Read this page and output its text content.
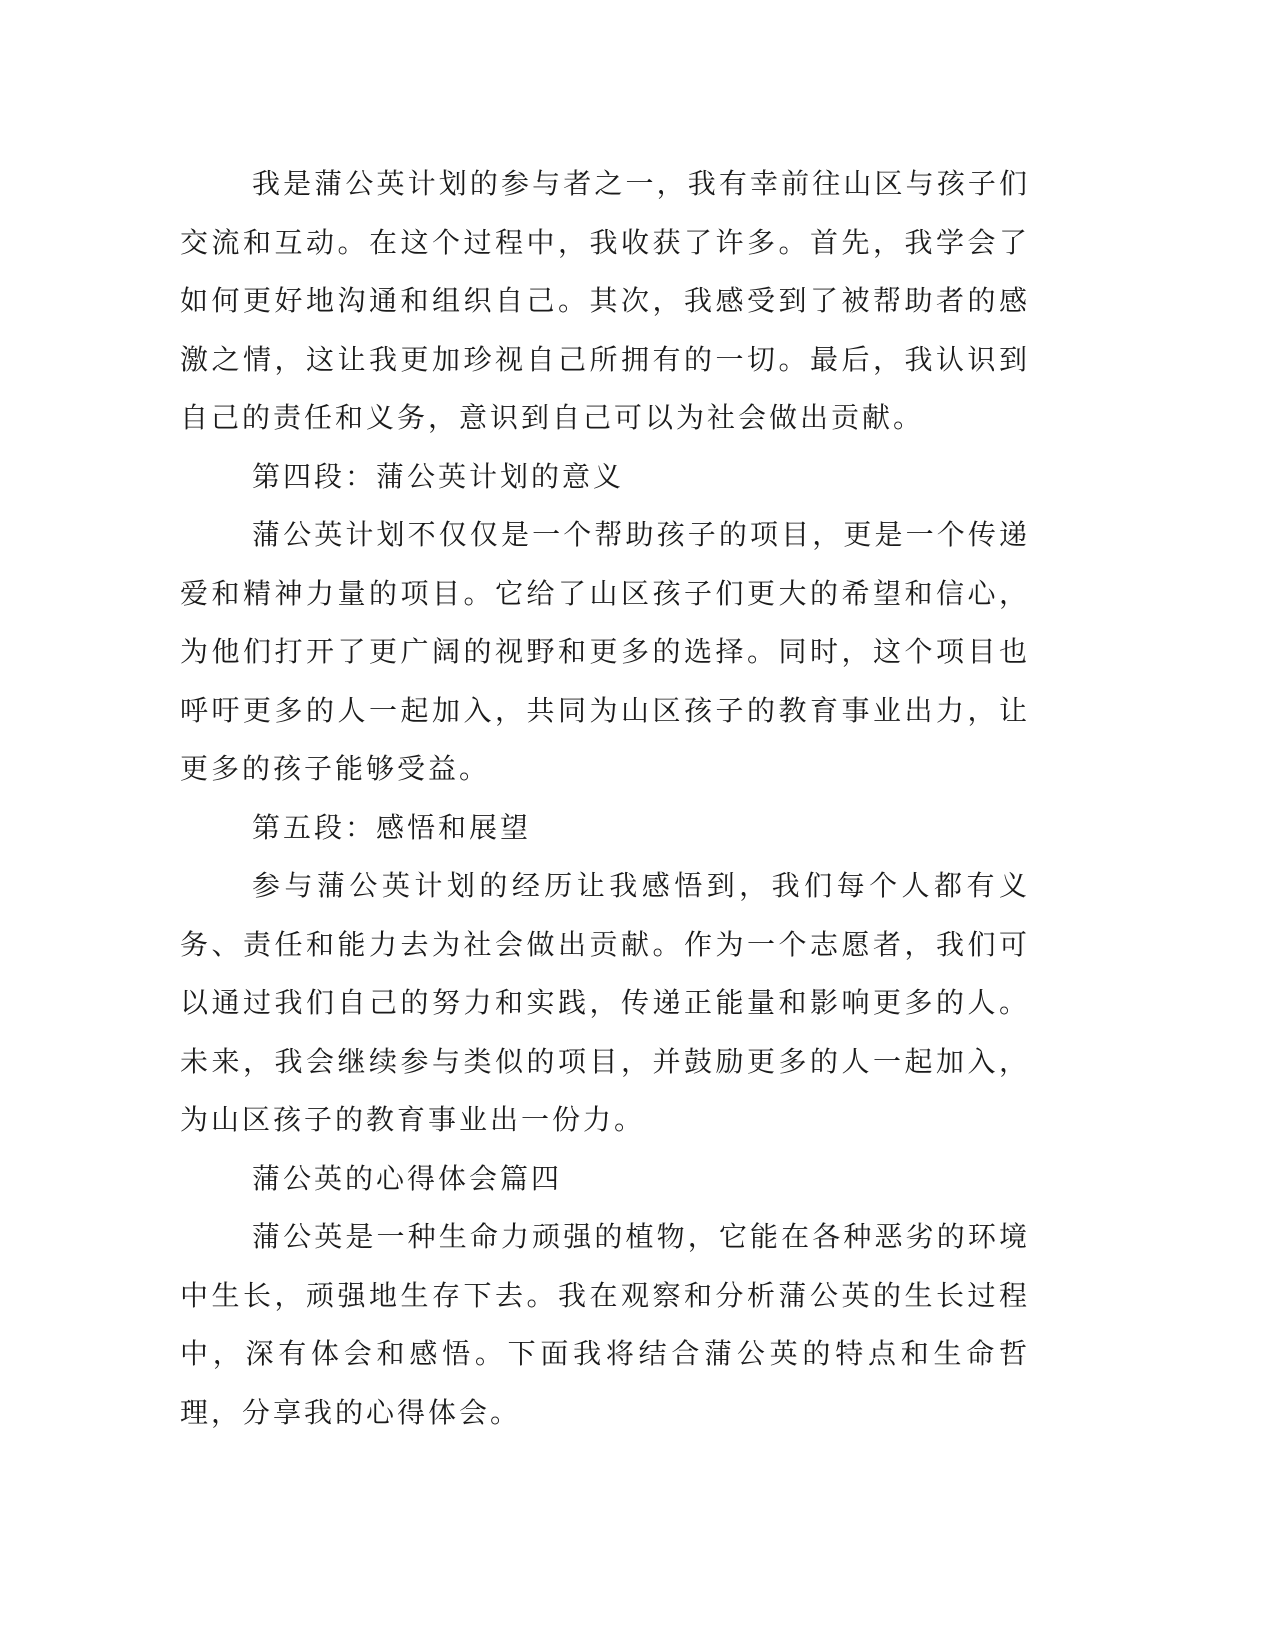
我是蒲公英计划的参与者之一，我有幸前往山区与孩子们交流和互动。在这个过程中，我收获了许多。首先，我学会了如何更好地沟通和组织自己。其次，我感受到了被帮助者的感激之情，这让我更加珍视自己所拥有的一切。最后，我认识到自己的责任和义务，意识到自己可以为社会做出贡献。

第四段：蒲公英计划的意义

蒲公英计划不仅仅是一个帮助孩子的项目，更是一个传递爱和精神力量的项目。它给了山区孩子们更大的希望和信心，为他们打开了更广阔的视野和更多的选择。同时，这个项目也呼吁更多的人一起加入，共同为山区孩子的教育事业出力，让更多的孩子能够受益。

第五段：感悟和展望

参与蒲公英计划的经历让我感悟到，我们每个人都有义务、责任和能力去为社会做出贡献。作为一个志愿者，我们可以通过我们自己的努力和实践，传递正能量和影响更多的人。未来，我会继续参与类似的项目，并鼓励更多的人一起加入，为山区孩子的教育事业出一份力。

蒲公英的心得体会篇四

蒲公英是一种生命力顽强的植物，它能在各种恶劣的环境中生长，顽强地生存下去。我在观察和分析蒲公英的生长过程中，深有体会和感悟。下面我将结合蒲公英的特点和生命哲理，分享我的心得体会。
